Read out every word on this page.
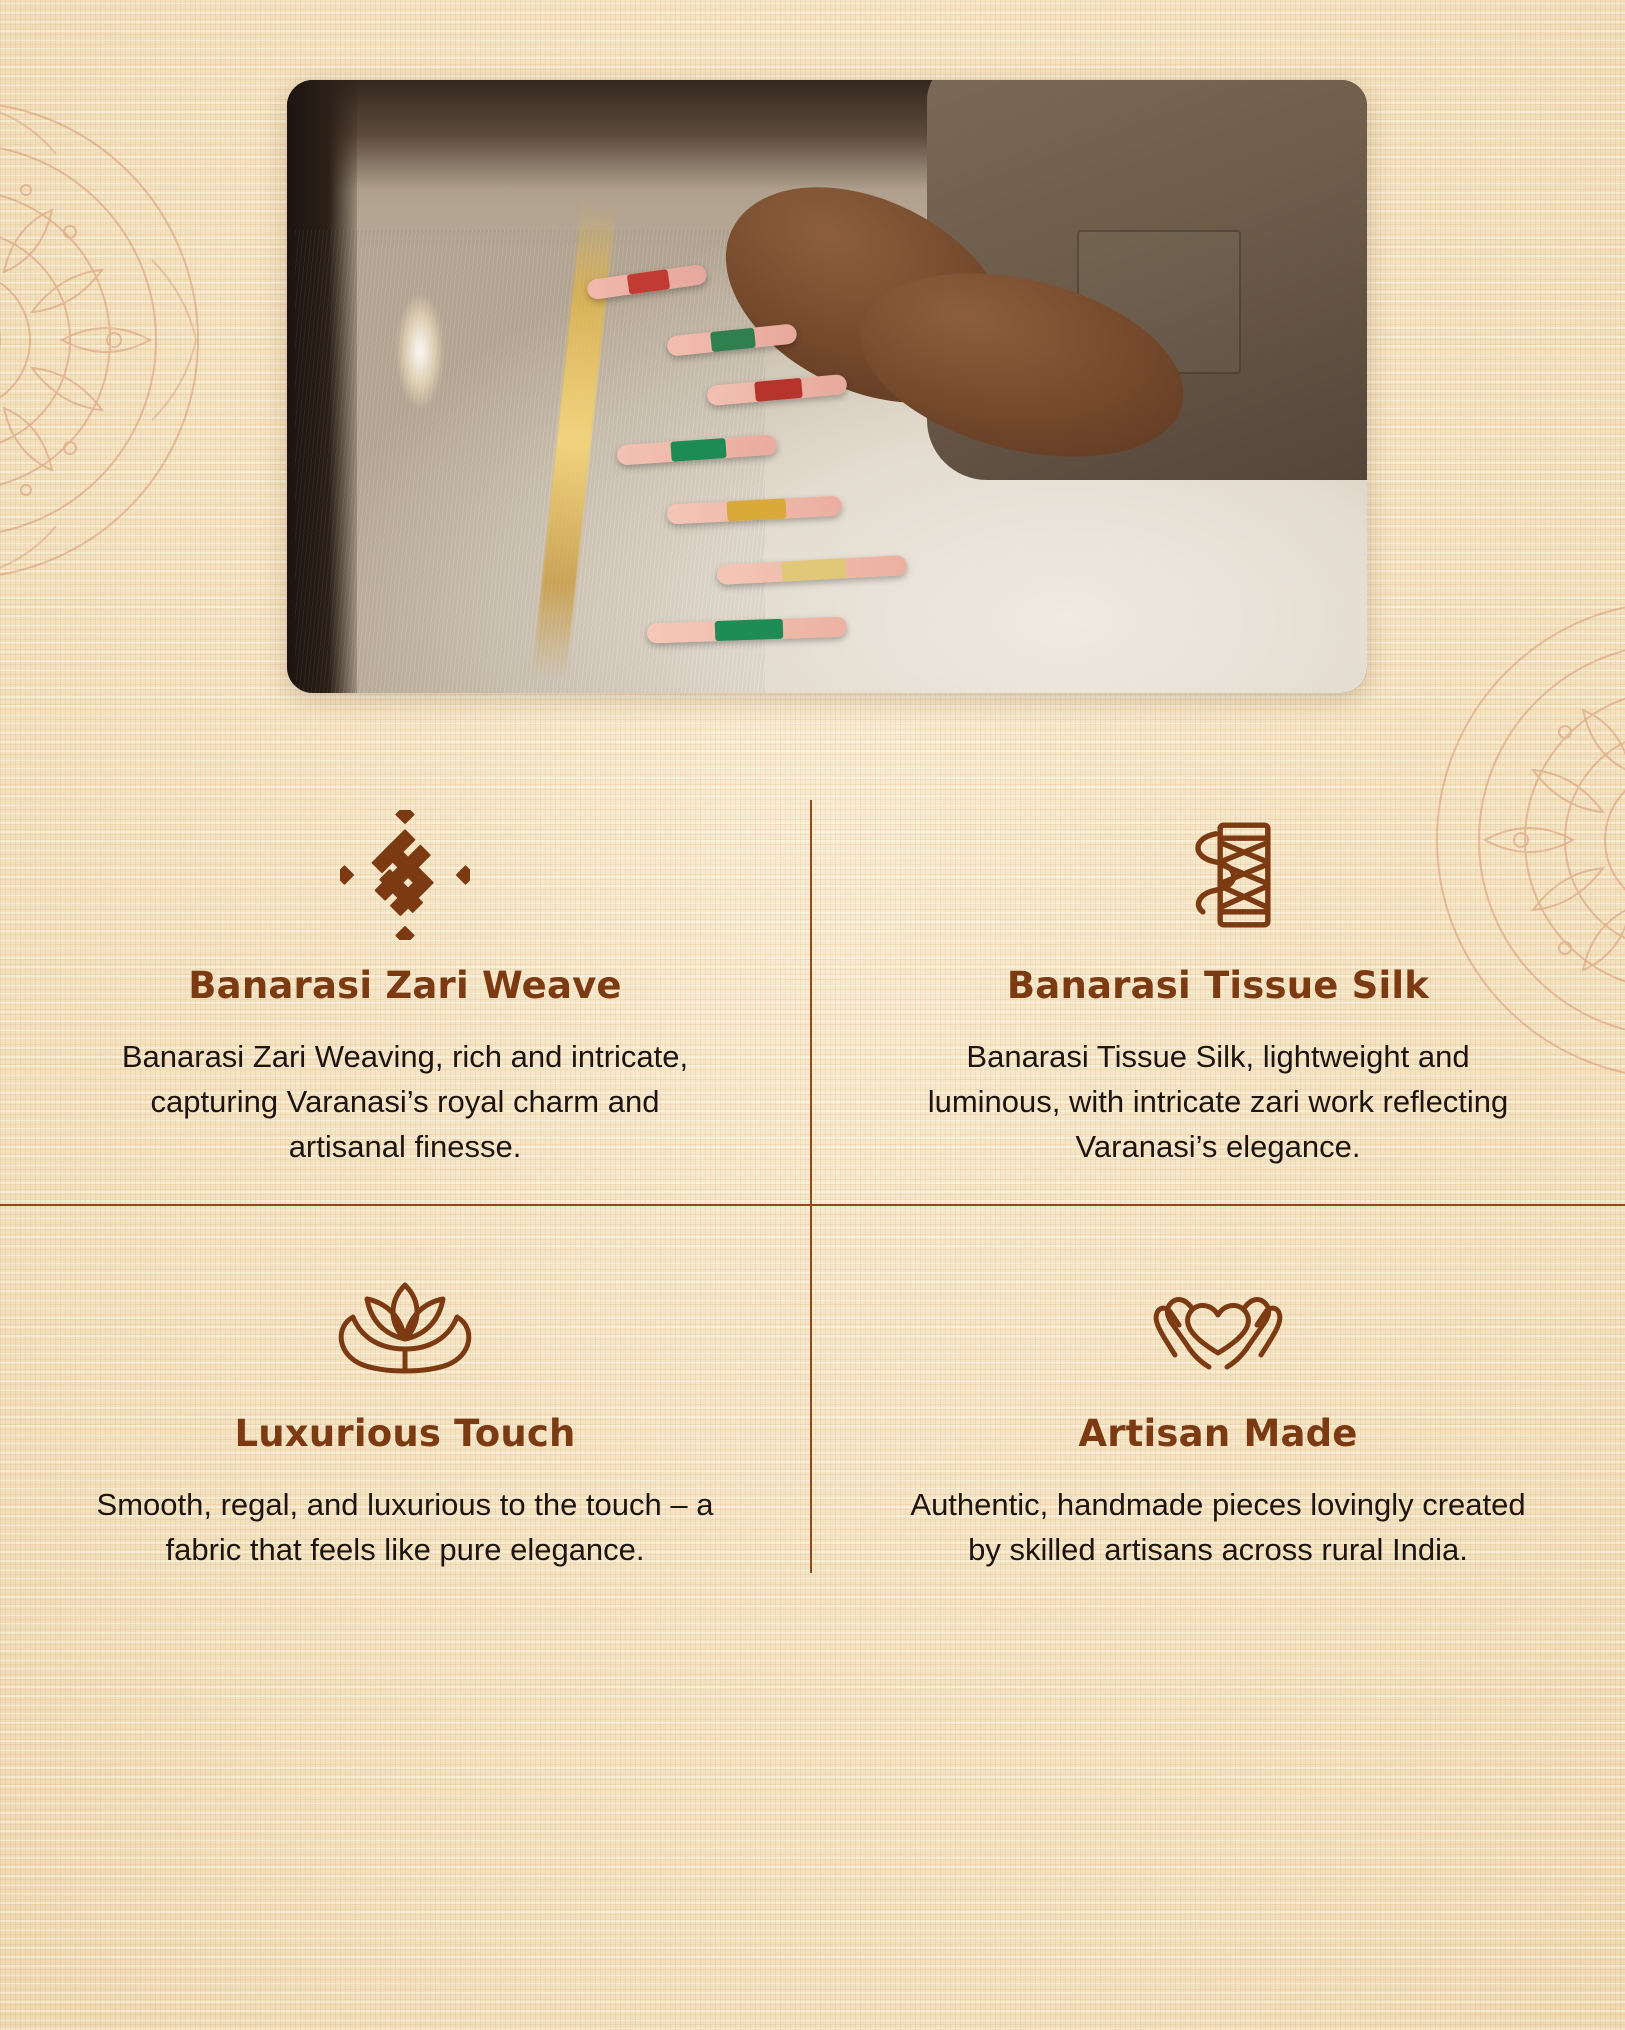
Banarasi Zari Weave

Banarasi Zari Weaving, rich and intricate, capturing Varanasi’s royal charm and artisanal finesse.

Banarasi Tissue Silk

Banarasi Tissue Silk, lightweight and luminous, with intricate zari work reflecting Varanasi’s elegance.

Luxurious Touch

Smooth, regal, and luxurious to the touch – a fabric that feels like pure elegance.

Artisan Made

Authentic, handmade pieces lovingly created by skilled artisans across rural India.
